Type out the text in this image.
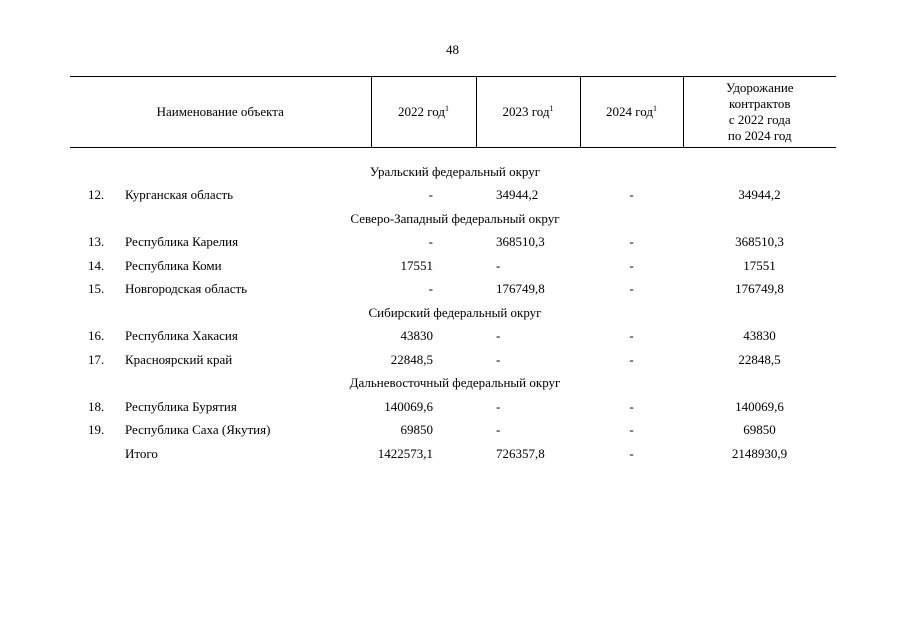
48
Наименование объекта		2022 год$^1$	2023 год$^1$	2024 год$^1$	Удорожание
контрактов
с 2022 года
по 2024 год

Уральский федеральный округ					
12.	Курганская область	-	34944,2	-	34944,2
Северо-Западный федеральный округ					
13.	Республика Карелия	-	368510,3	-	368510,3
14.	Республика Коми	17551	-	-	17551
15.	Новгородская область	-	176749,8	-	176749,8
Сибирский федеральный округ					
16.	Республика Хакасия	43830	-	-	43830
17.	Красноярский край	22848,5	-	-	22848,5
Дальневосточный федеральный округ					
18.	Республика Бурятия	140069,6	-	-	140069,6
19.	Республика Саха (Якутия)	69850	-	-	69850
	Итого	1422573,1	726357,8	-	2148930,9
